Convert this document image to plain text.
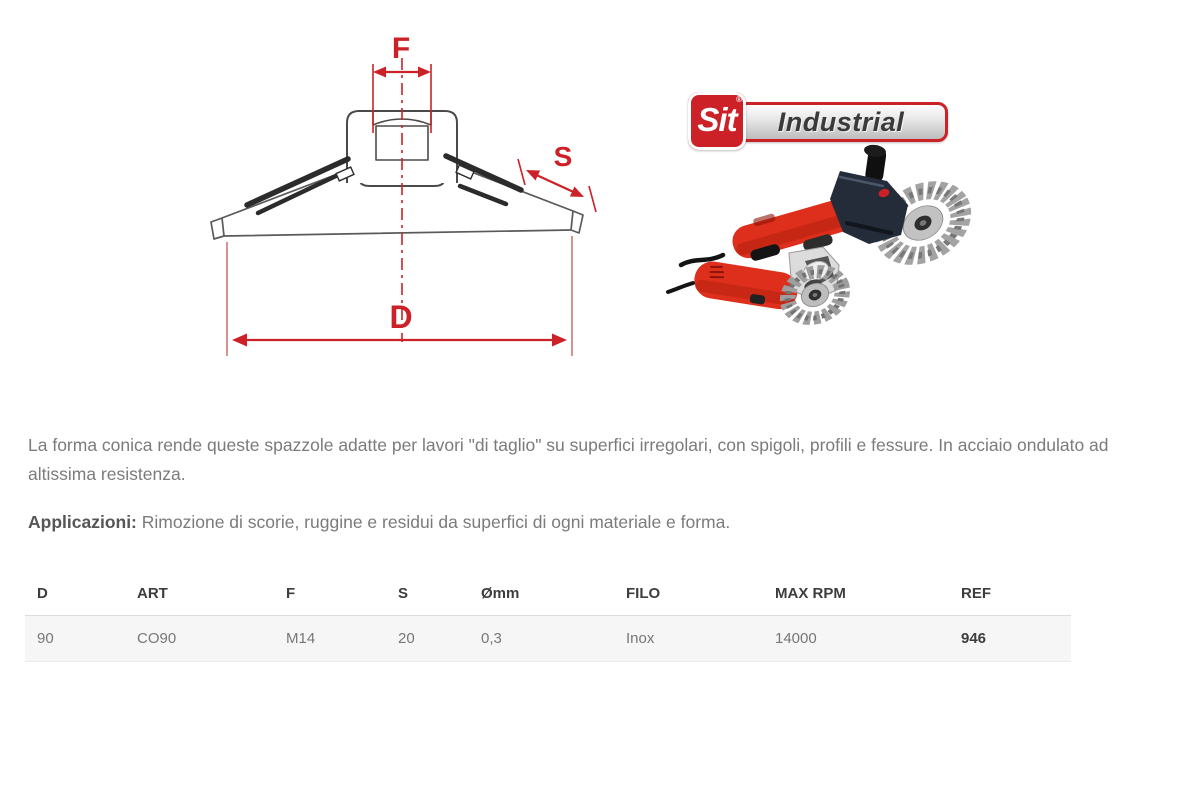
F
S
D
Industrial
Sit
®

La forma conica rende queste spazzole adatte per lavori "di taglio" su superfici irregolari, con spigoli, profili e fessure. In acciaio ondulato ad altissima resistenza.

Applicazioni: Rimozione di scorie, ruggine e residui da superfici di ogni materiale e forma.

D	ART	F	S	Ømm	FILO	MAX RPM	REF
90	CO90	M14	20	0,3	Inox	14000	946
